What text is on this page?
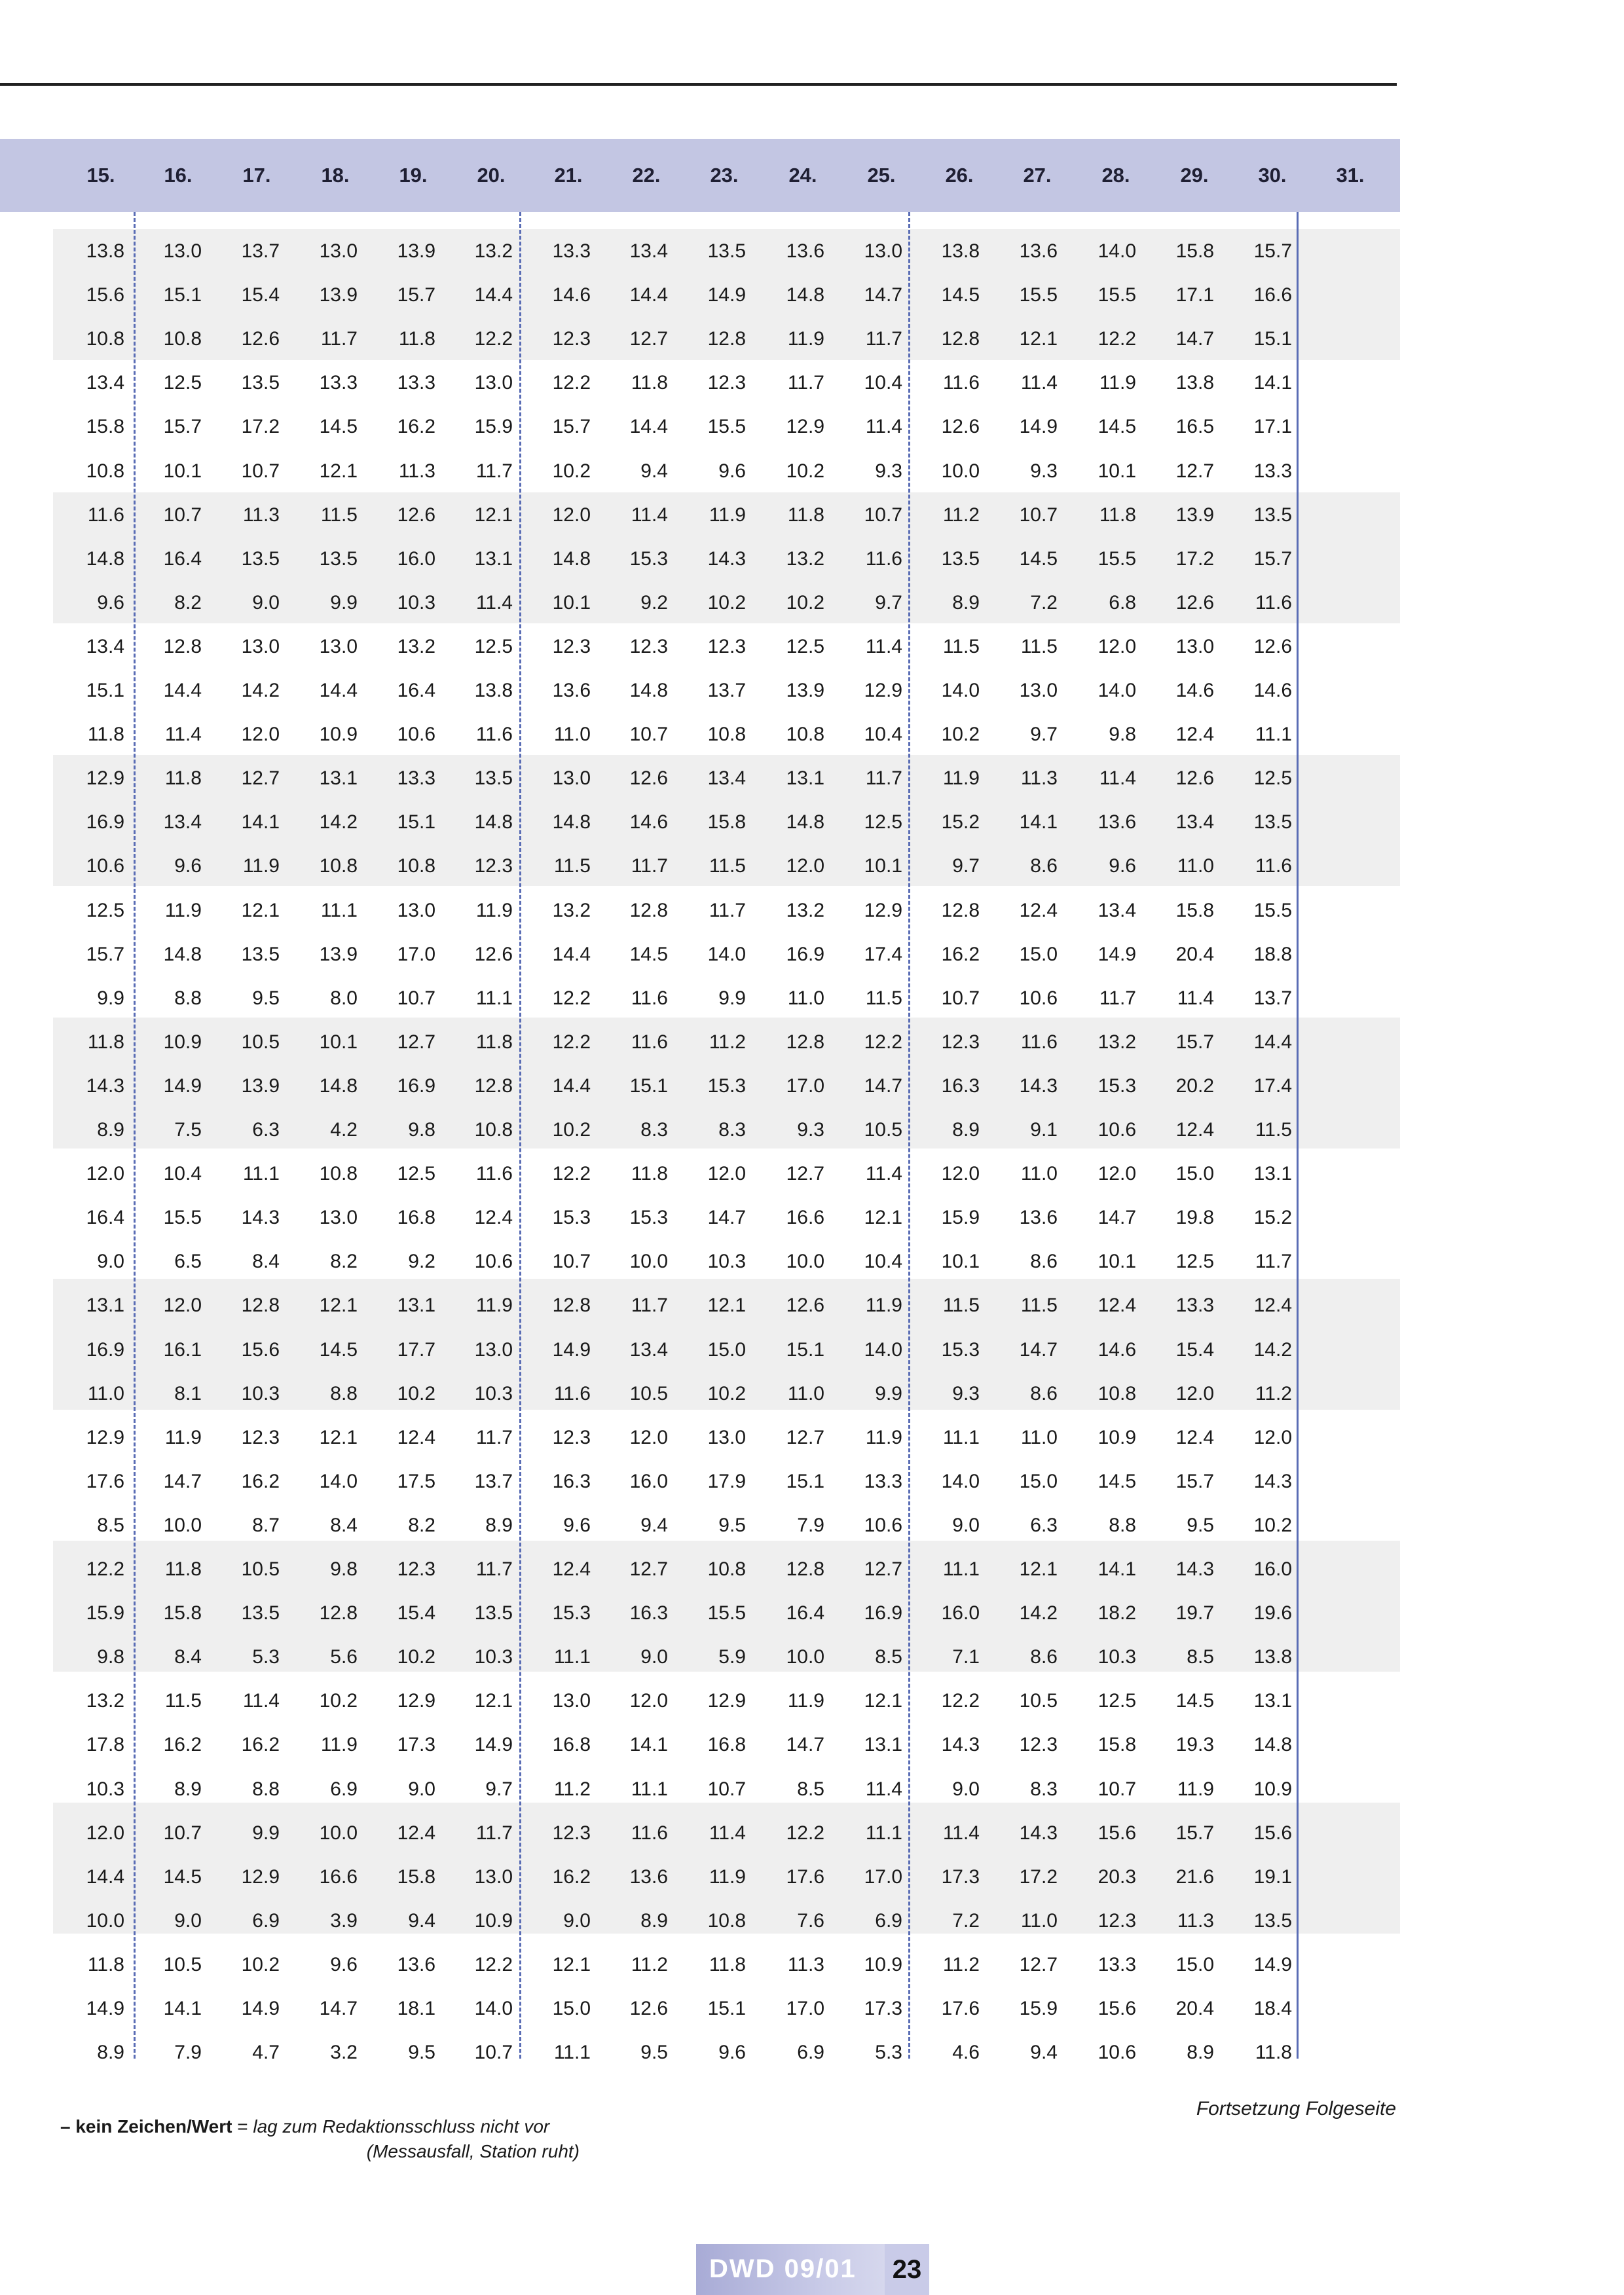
15.	16.	17.	18.	19.	20.	21.	22.	23.	24.	25.	26.	27.	28.	29.	30.	31.
13.8	13.0	13.7	13.0	13.9	13.2	13.3	13.4	13.5	13.6	13.0	13.8	13.6	14.0	15.8	15.7
15.6	15.1	15.4	13.9	15.7	14.4	14.6	14.4	14.9	14.8	14.7	14.5	15.5	15.5	17.1	16.6
10.8	10.8	12.6	11.7	11.8	12.2	12.3	12.7	12.8	11.9	11.7	12.8	12.1	12.2	14.7	15.1
13.4	12.5	13.5	13.3	13.3	13.0	12.2	11.8	12.3	11.7	10.4	11.6	11.4	11.9	13.8	14.1
15.8	15.7	17.2	14.5	16.2	15.9	15.7	14.4	15.5	12.9	11.4	12.6	14.9	14.5	16.5	17.1
10.8	10.1	10.7	12.1	11.3	11.7	10.2	9.4	9.6	10.2	9.3	10.0	9.3	10.1	12.7	13.3
11.6	10.7	11.3	11.5	12.6	12.1	12.0	11.4	11.9	11.8	10.7	11.2	10.7	11.8	13.9	13.5
14.8	16.4	13.5	13.5	16.0	13.1	14.8	15.3	14.3	13.2	11.6	13.5	14.5	15.5	17.2	15.7
9.6	8.2	9.0	9.9	10.3	11.4	10.1	9.2	10.2	10.2	9.7	8.9	7.2	6.8	12.6	11.6
13.4	12.8	13.0	13.0	13.2	12.5	12.3	12.3	12.3	12.5	11.4	11.5	11.5	12.0	13.0	12.6
15.1	14.4	14.2	14.4	16.4	13.8	13.6	14.8	13.7	13.9	12.9	14.0	13.0	14.0	14.6	14.6
11.8	11.4	12.0	10.9	10.6	11.6	11.0	10.7	10.8	10.8	10.4	10.2	9.7	9.8	12.4	11.1
12.9	11.8	12.7	13.1	13.3	13.5	13.0	12.6	13.4	13.1	11.7	11.9	11.3	11.4	12.6	12.5
16.9	13.4	14.1	14.2	15.1	14.8	14.8	14.6	15.8	14.8	12.5	15.2	14.1	13.6	13.4	13.5
10.6	9.6	11.9	10.8	10.8	12.3	11.5	11.7	11.5	12.0	10.1	9.7	8.6	9.6	11.0	11.6
12.5	11.9	12.1	11.1	13.0	11.9	13.2	12.8	11.7	13.2	12.9	12.8	12.4	13.4	15.8	15.5
15.7	14.8	13.5	13.9	17.0	12.6	14.4	14.5	14.0	16.9	17.4	16.2	15.0	14.9	20.4	18.8
9.9	8.8	9.5	8.0	10.7	11.1	12.2	11.6	9.9	11.0	11.5	10.7	10.6	11.7	11.4	13.7
11.8	10.9	10.5	10.1	12.7	11.8	12.2	11.6	11.2	12.8	12.2	12.3	11.6	13.2	15.7	14.4
14.3	14.9	13.9	14.8	16.9	12.8	14.4	15.1	15.3	17.0	14.7	16.3	14.3	15.3	20.2	17.4
8.9	7.5	6.3	4.2	9.8	10.8	10.2	8.3	8.3	9.3	10.5	8.9	9.1	10.6	12.4	11.5
12.0	10.4	11.1	10.8	12.5	11.6	12.2	11.8	12.0	12.7	11.4	12.0	11.0	12.0	15.0	13.1
16.4	15.5	14.3	13.0	16.8	12.4	15.3	15.3	14.7	16.6	12.1	15.9	13.6	14.7	19.8	15.2
9.0	6.5	8.4	8.2	9.2	10.6	10.7	10.0	10.3	10.0	10.4	10.1	8.6	10.1	12.5	11.7
13.1	12.0	12.8	12.1	13.1	11.9	12.8	11.7	12.1	12.6	11.9	11.5	11.5	12.4	13.3	12.4
16.9	16.1	15.6	14.5	17.7	13.0	14.9	13.4	15.0	15.1	14.0	15.3	14.7	14.6	15.4	14.2
11.0	8.1	10.3	8.8	10.2	10.3	11.6	10.5	10.2	11.0	9.9	9.3	8.6	10.8	12.0	11.2
12.9	11.9	12.3	12.1	12.4	11.7	12.3	12.0	13.0	12.7	11.9	11.1	11.0	10.9	12.4	12.0
17.6	14.7	16.2	14.0	17.5	13.7	16.3	16.0	17.9	15.1	13.3	14.0	15.0	14.5	15.7	14.3
8.5	10.0	8.7	8.4	8.2	8.9	9.6	9.4	9.5	7.9	10.6	9.0	6.3	8.8	9.5	10.2
12.2	11.8	10.5	9.8	12.3	11.7	12.4	12.7	10.8	12.8	12.7	11.1	12.1	14.1	14.3	16.0
15.9	15.8	13.5	12.8	15.4	13.5	15.3	16.3	15.5	16.4	16.9	16.0	14.2	18.2	19.7	19.6
9.8	8.4	5.3	5.6	10.2	10.3	11.1	9.0	5.9	10.0	8.5	7.1	8.6	10.3	8.5	13.8
13.2	11.5	11.4	10.2	12.9	12.1	13.0	12.0	12.9	11.9	12.1	12.2	10.5	12.5	14.5	13.1
17.8	16.2	16.2	11.9	17.3	14.9	16.8	14.1	16.8	14.7	13.1	14.3	12.3	15.8	19.3	14.8
10.3	8.9	8.8	6.9	9.0	9.7	11.2	11.1	10.7	8.5	11.4	9.0	8.3	10.7	11.9	10.9
12.0	10.7	9.9	10.0	12.4	11.7	12.3	11.6	11.4	12.2	11.1	11.4	14.3	15.6	15.7	15.6
14.4	14.5	12.9	16.6	15.8	13.0	16.2	13.6	11.9	17.6	17.0	17.3	17.2	20.3	21.6	19.1
10.0	9.0	6.9	3.9	9.4	10.9	9.0	8.9	10.8	7.6	6.9	7.2	11.0	12.3	11.3	13.5
11.8	10.5	10.2	9.6	13.6	12.2	12.1	11.2	11.8	11.3	10.9	11.2	12.7	13.3	15.0	14.9
14.9	14.1	14.9	14.7	18.1	14.0	15.0	12.6	15.1	17.0	17.3	17.6	15.9	15.6	20.4	18.4
8.9	7.9	4.7	3.2	9.5	10.7	11.1	9.5	9.6	6.9	5.3	4.6	9.4	10.6	8.9	11.8
Fortsetzung Folgeseite
– kein Zeichen/Wert = lag zum Redaktionsschluss nicht vor
(Messausfall, Station ruht)
DWD 09/01 23
